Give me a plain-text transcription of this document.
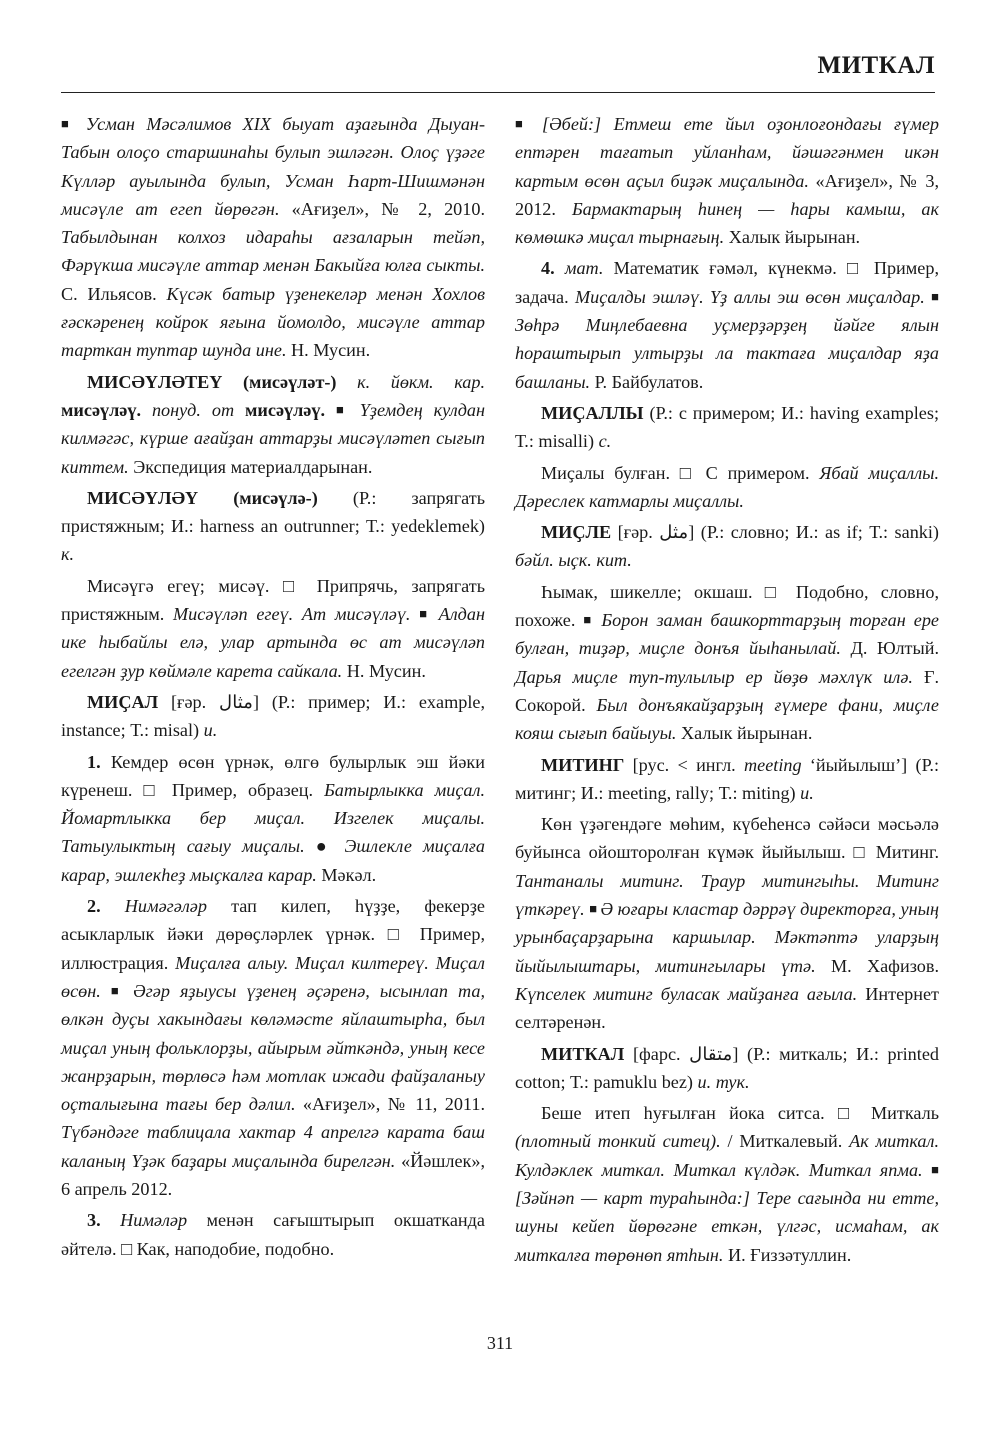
МИТКАЛ
■ Усман Мәсәлимов XIX быуат аҙағында Дыуан-Табын олоҫо старшинаһы булып эшләгән. Олоҫ үҙәге Күлләр ауылында булып, Усман Һарт-Шишмәнән мисәүле ат егеп йөрөгән. «Ағиҙел», № 2, 2010. Табылдынан колхоз идараһы ағзаларын тейәп, Фәрүкша мисәүле аттар менән Бакыйға юлға сыкты. С. Ильясов. Күсәк батыр үҙенекеләр менән Хохлов ғәскәренең койрок яғына йомолдо, мисәүле аттар тарткан туптар шунда ине. Н. Мусин.
МИСӘҮЛӘТЕҮ (мисәүләт-) к. йөкм. кар. мисәүләү. понуд. от мисәүләү. ■ Үҙемдең кулдан килмәгәс, күрше ағайҙан аттарҙы мисәүләтеп сығып киттем. Экспедиция материалдарынан.
МИСӘҮЛӘҮ (мисәүлә-) (Р.: запрягать пристяжным; И.: harness an outrunner; Т.: yedeklemek) к.
Мисәүгә егеү; мисәү. □ Припрячь, запрягать пристяжным. Мисәүләп егеү. Ат мисәүләү. ■ Алдан ике һыбайлы елә, улар артында өс ат мисәүләп егелгән ҙур көймәле карета сайкала. Н. Мусин.
МИҪАЛ [ғәр. مثال] (Р.: пример; И.: example, instance; Т.: misal) и.
1. Кемдер өсөн үрнәк, өлгө булырлык эш йәки күренеш. □ Пример, образец. Батырлыкка миҫал. Йомартлыкка бер миҫал. Изгелек миҫалы. Татыулыктың сағыу миҫалы. ● Эшлекле миҫалға карар, эшлекһеҙ мыҫкалға карар. Мәкәл.
2. Нимәгәләр тап килеп, һүҙҙе, фекерҙе асыкларлык йәки дөрөҫләрлек үрнәк. □ Пример, иллюстрация. Миҫалға алыу. Миҫал килтереү. Миҫал өсөн. ■ Әгәр яҙыусы үҙенең әҫәренә, ысынлап та, өлкән дуҫы хакындағы көләмәсте яйлаштырһа, был миҫал уның фольклорҙы, айырым әйткәндә, уның кесе жанрҙарын, төрлөсә һәм мотлак ижади файҙаланыу оҫталығына тағы бер дәлил. «Ағиҙел», № 11, 2011. Түбәндәге таблицала хактар 4 апрелгә карата баш каланың Үҙәк баҙары миҫалында бирелгән. «Йәшлек», 6 апрель 2012.
3. Нимәләр менән сағыштырып окшатканда әйтелә. □ Как, наподобие, подобно.
■ [Әбей:] Етмеш ете йыл оҙонлоғондағы ғүмер ептәрен тағатып уйланһам, йәшәгәнмен икән картым өсөн аҫыл биҙәк миҫалында. «Ағиҙел», № 3, 2012. Бармактарың һинең — һары камыш, ак көмөшкә миҫал тырнағың. Халык йырынан.
4. мат. Математик ғәмәл, күнекмә. □ Пример, задача. Миҫалды эшләү. Үҙ аллы эш өсөн миҫалдар. ■ Зөһрә Миңлебаевна уҫмерҙәрҙең йәйге ялын һораштырып ултырҙы ла тактаға миҫалдар яҙа башланы. Р. Байбулатов.
МИҪАЛЛЫ (Р.: с примером; И.: having examples; Т.: misalli) с.
Миҫалы булған. □ С примером. Ябай миҫаллы. Дәреслек катмарлы миҫаллы.
МИҪЛЕ [ғәр. مثل] (Р.: словно; И.: as if; Т.: sanki) бәйл. ыҫк. кит.
Һымак, шикелле; окшаш. □ Подобно, словно, похоже. ■ Борон заман башкорттарҙың торған ере булған, тиҙәр, миҫле донъя йыһанылай. Д. Юлтый. Дарья миҫле туп-тулылыр ер йөҙө мәхлүк илә. Ғ. Сокорой. Был донъякайҙарҙың ғүмере фани, миҫле кояш сығып байыуы. Халык йырынан.
МИТИНГ [рус. < ингл. meeting ‘йыйылыш’] (Р.: митинг; И.: meeting, rally; Т.: miting) и.
Көн үҙәгендәге мөһим, күбеһенсә сәйәси мәсьәлә буйынса ойошторолған күмәк йыйылыш. □ Митинг. Тантаналы митинг. Траур митингыһы. Митинг үткәреү. ■ Ә юғары кластар дәррәү директорға, уның урынбаҫарҙарына каршылар. Мәктәптә уларҙың йыйылыштары, митингылары үтә. М. Хафизов. Күпселек митинг буласак майҙанға ағыла. Интернет селтәренән.
МИТКАЛ [фарс. متقال] (Р.: миткаль; И.: printed cotton; Т.: pamuklu bez) и. тук.
Беше итеп һуғылған йока ситса. □ Миткаль (плотный тонкий ситец). / Миткалевый. Ак миткал. Кулдәклек миткал. Миткал күлдәк. Миткал япма. ■ [Зәйнәп — карт тураһында:] Тере сағында ни етте, шуны кейеп йөрөгәне еткән, үлгәс, исмаһам, ак миткалға төрөнөп ятһын. И. Ғиззәтуллин.
311
